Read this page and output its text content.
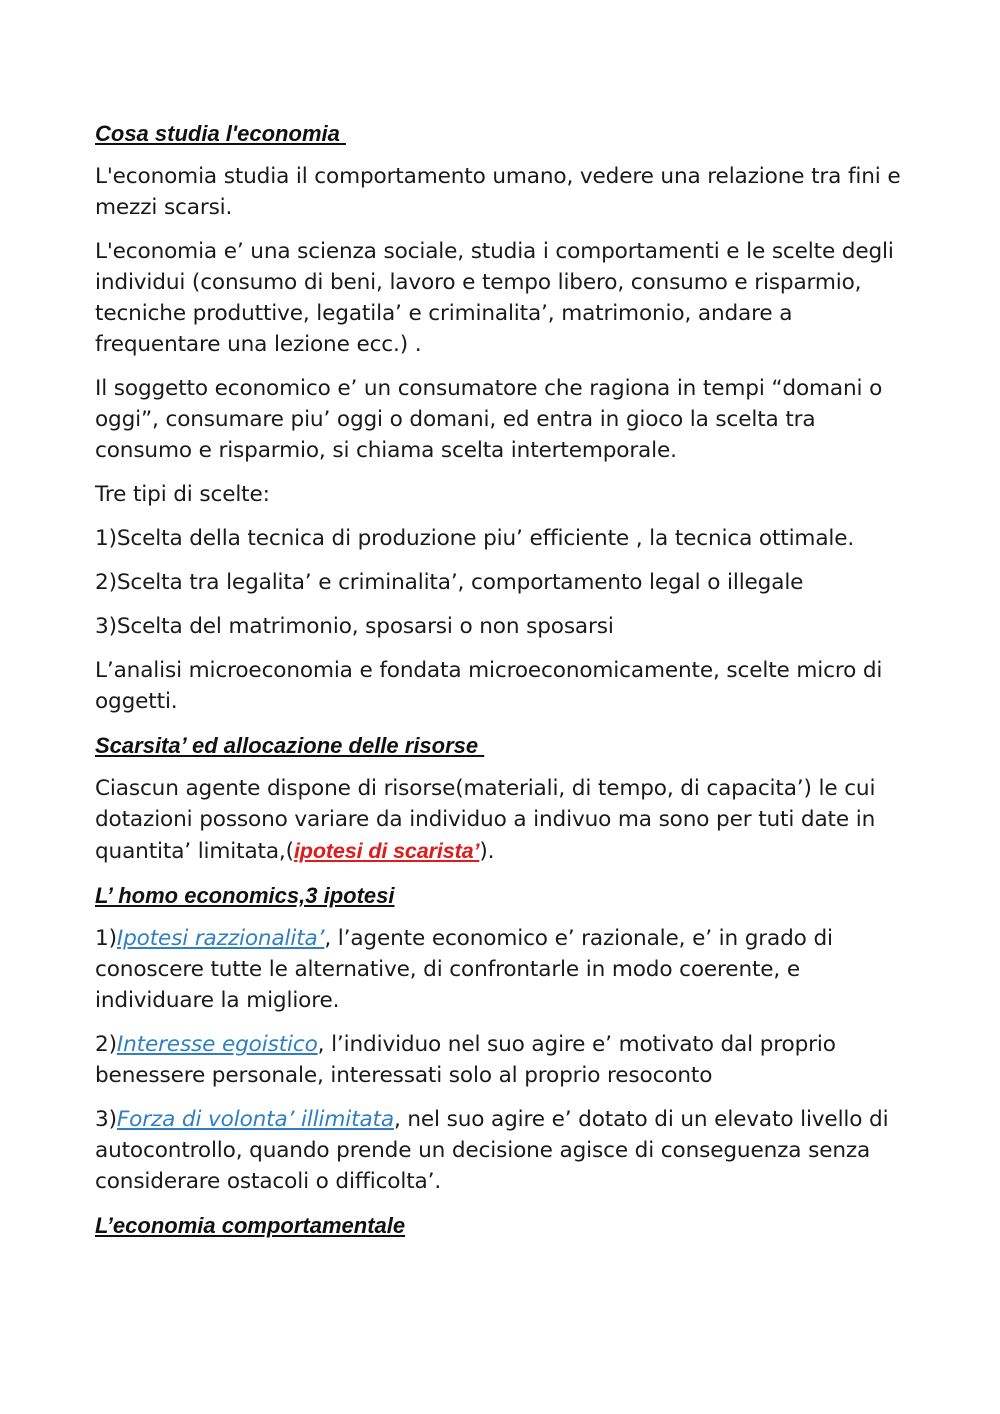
Cosa studia l'economia
L'economia studia il comportamento umano, vedere una relazione tra fini e mezzi scarsi.
L'economia e’ una scienza sociale, studia i comportamenti e le scelte degli individui (consumo di beni, lavoro e tempo libero, consumo e risparmio, tecniche produttive, legatila’ e criminalita’, matrimonio, andare a frequentare una lezione ecc.) .
Il soggetto economico e’ un consumatore che ragiona in tempi “domani o oggi”, consumare piu’ oggi o domani, ed entra in gioco la scelta tra consumo e risparmio, si chiama scelta intertemporale.
Tre tipi di scelte:
1)Scelta della tecnica di produzione piu’ efficiente , la tecnica ottimale.
2)Scelta tra legalita’ e criminalita’, comportamento legal o illegale
3)Scelta del matrimonio, sposarsi o non sposarsi
L’analisi microeconomia e fondata microeconomicamente, scelte micro di oggetti.
Scarsita’ ed allocazione delle risorse
Ciascun agente dispone di risorse(materiali, di tempo, di capacita’) le cui dotazioni possono variare da individuo a indivuo ma sono per tuti date in quantita’ limitata,(ipotesi di scarista’).
L’ homo economics,3 ipotesi
1)Ipotesi razzionalita’, l’agente economico e’ razionale, e’ in grado di conoscere tutte le alternative, di confrontarle in modo coerente, e individuare la migliore.
2)Interesse egoistico, l’individuo nel suo agire e’ motivato dal proprio benessere personale, interessati solo al proprio resoconto
3)Forza di volonta’ illimitata, nel suo agire e’ dotato di un elevato livello di autocontrollo, quando prende un decisione agisce di conseguenza senza considerare ostacoli o difficolta’.
L’economia comportamentale
